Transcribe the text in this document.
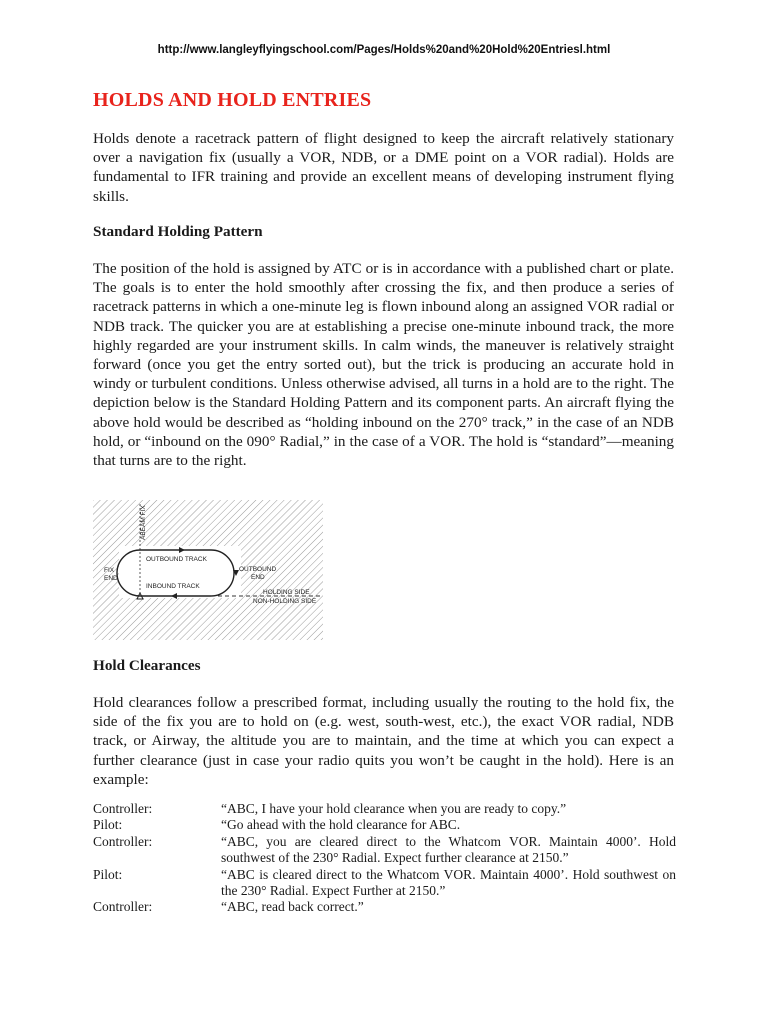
http://www.langleyflyingschool.com/Pages/Holds%20and%20Hold%20Entriesl.html
HOLDS AND HOLD ENTRIES

Holds denote a racetrack pattern of flight designed to keep the aircraft relatively stationary over a navigation fix (usually a VOR, NDB, or a DME point on a VOR radial). Holds are fundamental to IFR training and provide an excellent means of developing instrument flying skills.

Standard Holding Pattern

The position of the hold is assigned by ATC or is in accordance with a published chart or plate. The goals is to enter the hold smoothly after crossing the fix, and then produce a series of racetrack patterns in which a one-minute leg is flown inbound along an assigned VOR radial or NDB track. The quicker you are at establishing a precise one-minute inbound track, the more highly regarded are your instrument skills. In calm winds, the maneuver is relatively straight forward (once you get the entry sorted out), but the trick is producing an accurate hold in windy or turbulent conditions. Unless otherwise advised, all turns in a hold are to the right. The depiction below is the Standard Holding Pattern and its component parts. An aircraft flying the above hold would be described as “holding inbound on the 270° track,” in the case of an NDB hold, or “inbound on the 090° Radial,” in the case of a VOR. The hold is “standard”—meaning that turns are to the right.

ABEAM FIX
OUTBOUND TRACK
INBOUND TRACK
FIX
END
OUTBOUND
END
HOLDING SIDE
NON-HOLDING SIDE
Hold Clearances

Hold clearances follow a prescribed format, including usually the routing to the hold fix, the side of the fix you are to hold on (e.g. west, south-west, etc.), the exact VOR radial, NDB track, or Airway, the altitude you are to maintain, and the time at which you can expect a further clearance (just in case your radio quits you won’t be caught in the hold). Here is an example:

Controller:	“ABC, I have your hold clearance when you are ready to copy.”
Pilot:	“Go ahead with the hold clearance for ABC.
Controller:	“ABC, you are cleared direct to the Whatcom VOR. Maintain 4000’. Hold southwest of the 230° Radial. Expect further clearance at 2150.”
Pilot:	“ABC is cleared direct to the Whatcom VOR. Maintain 4000’. Hold southwest on the 230° Radial. Expect Further at 2150.”
Controller:	“ABC, read back correct.”
